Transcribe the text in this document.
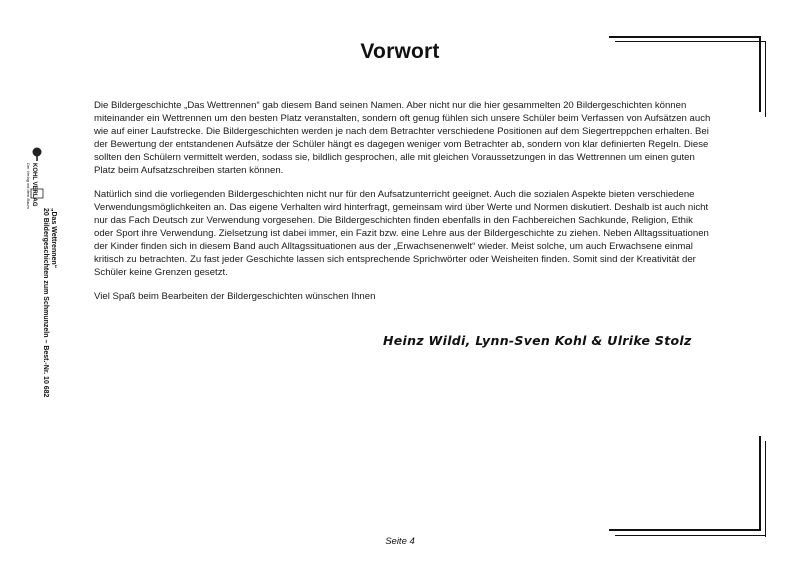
KOHL VERLAG
Der Verlag mit dem Baum
„Das Wettrennen“
20 Bildergeschichten zum Schmunzeln – Best.-Nr. 10 682
Vorwort

Die Bildergeschichte „Das Wettrennen“ gab diesem Band seinen Namen. Aber nicht nur die hier gesammelten 20 Bildergeschichten können miteinander ein Wettrennen um den besten Platz veranstalten, sondern oft genug fühlen sich unsere Schüler beim Verfassen von Aufsätzen auch wie auf einer Laufstrecke. Die Bildergeschichten werden je nach dem Betrachter verschiedene Positionen auf dem Siegertreppchen erhalten. Bei der Bewertung der entstandenen Aufsätze der Schüler hängt es dagegen weniger vom Betrachter ab, sondern von klar definierten Regeln. Diese sollten den Schülern vermittelt werden, sodass sie, bildlich gesprochen, alle mit gleichen Voraussetzungen in das Wettrennen um einen guten Platz beim Aufsatzschreiben starten können.

Natürlich sind die vorliegenden Bildergeschichten nicht nur für den Aufsatzunterricht geeignet. Auch die sozialen Aspekte bieten verschiedene Verwendungsmöglichkeiten an. Das eigene Verhalten wird hinterfragt, gemeinsam wird über Werte und Normen diskutiert. Deshalb ist auch nicht nur das Fach Deutsch zur Verwendung vorgesehen. Die Bildergeschichten finden ebenfalls in den Fachbereichen Sachkunde, Religion, Ethik oder Sport ihre Verwendung. Zielsetzung ist dabei immer, ein Fazit bzw. eine Lehre aus der Bildergeschichte zu ziehen. Neben Alltagssituationen der Kinder finden sich in diesem Band auch Alltagssituationen aus der „Erwachsenenwelt“ wieder. Meist solche, um auch Erwachsene einmal kritisch zu betrachten. Zu fast jeder Geschichte lassen sich entsprechende Sprichwörter oder Weisheiten finden. Somit sind der Kreativität der Schüler keine Grenzen gesetzt.

Viel Spaß beim Bearbeiten der Bildergeschichten wünschen Ihnen

Heinz Wildi, Lynn-Sven Kohl & Ulrike Stolz
Seite 4
